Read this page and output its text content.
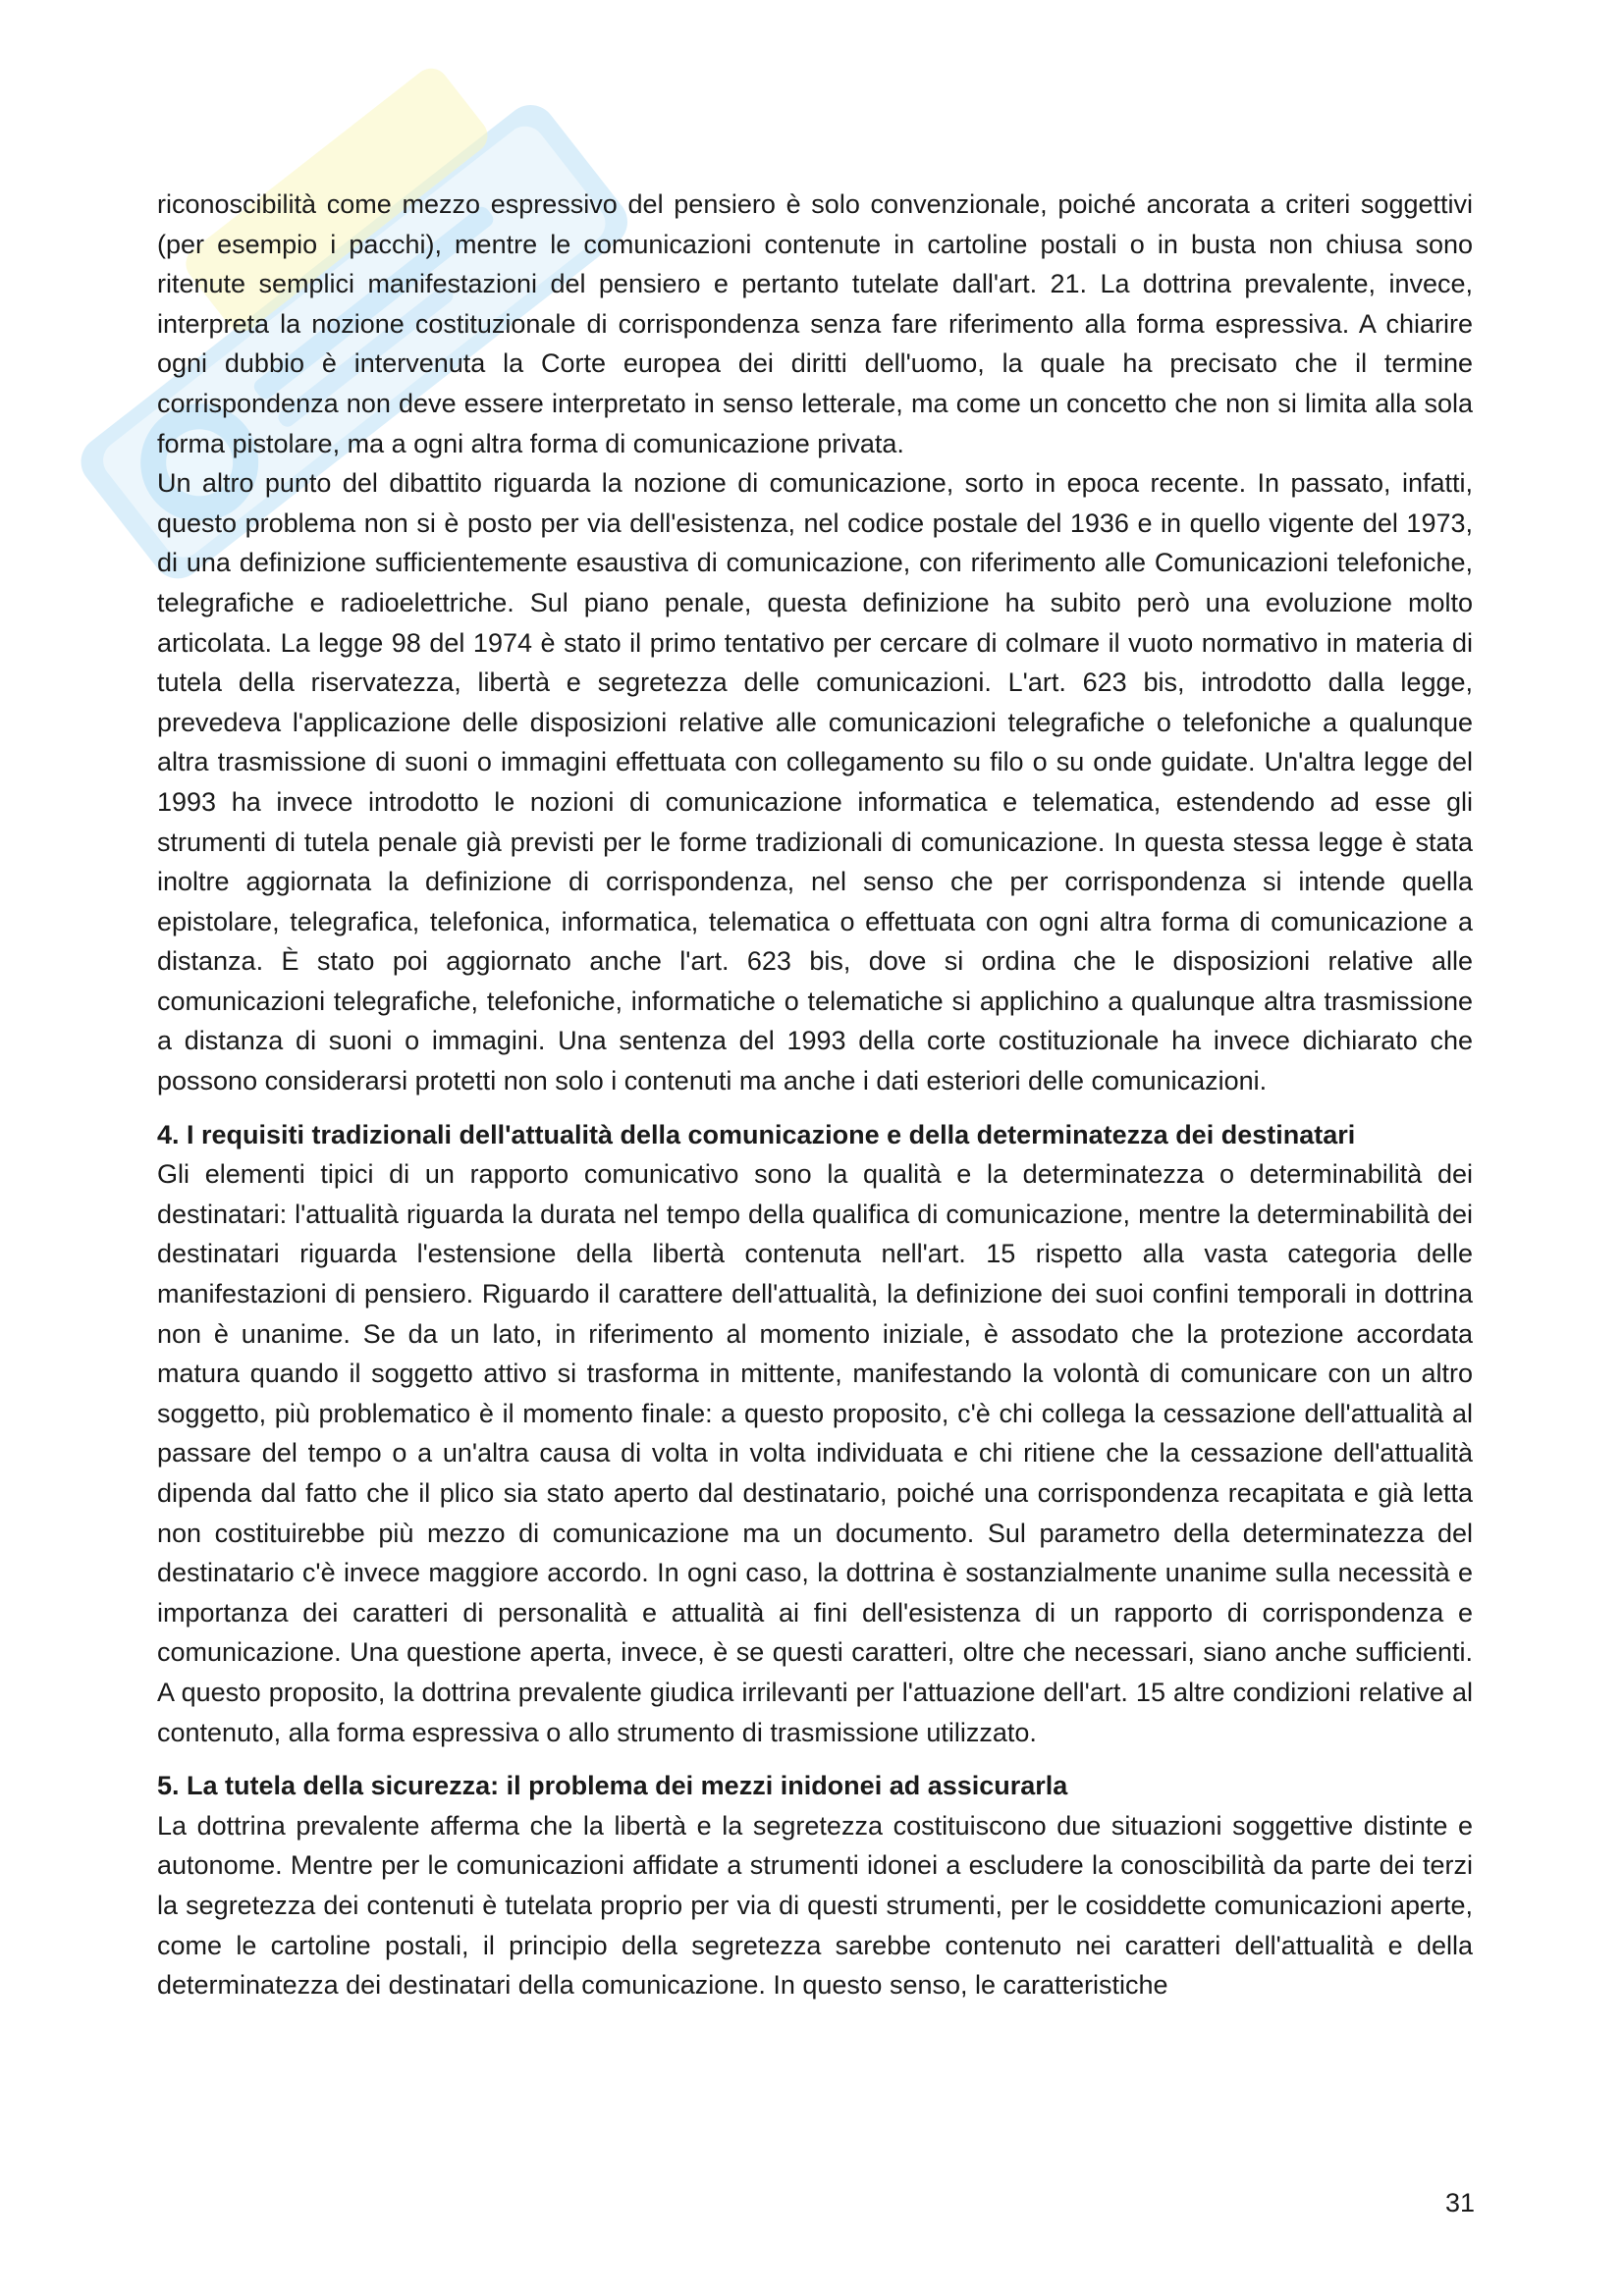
riconoscibilità come mezzo espressivo del pensiero è solo convenzionale, poiché ancorata a criteri soggettivi (per esempio i pacchi), mentre le comunicazioni contenute in cartoline postali o in busta non chiusa sono ritenute semplici manifestazioni del pensiero e pertanto tutelate dall'art. 21. La dottrina prevalente, invece, interpreta la nozione costituzionale di corrispondenza senza fare riferimento alla forma espressiva. A chiarire ogni dubbio è intervenuta la Corte europea dei diritti dell'uomo, la quale ha precisato che il termine corrispondenza non deve essere interpretato in senso letterale, ma come un concetto che non si limita alla sola forma pistolare, ma a ogni altra forma di comunicazione privata.

Un altro punto del dibattito riguarda la nozione di comunicazione, sorto in epoca recente. In passato, infatti, questo problema non si è posto per via dell'esistenza, nel codice postale del 1936 e in quello vigente del 1973, di una definizione sufficientemente esaustiva di comunicazione, con riferimento alle Comunicazioni telefoniche, telegrafiche e radioelettriche. Sul piano penale, questa definizione ha subito però una evoluzione molto articolata. La legge 98 del 1974 è stato il primo tentativo per cercare di colmare il vuoto normativo in materia di tutela della riservatezza, libertà e segretezza delle comunicazioni. L'art. 623 bis, introdotto dalla legge, prevedeva l'applicazione delle disposizioni relative alle comunicazioni telegrafiche o telefoniche a qualunque altra trasmissione di suoni o immagini effettuata con collegamento su filo o su onde guidate. Un'altra legge del 1993 ha invece introdotto le nozioni di comunicazione informatica e telematica, estendendo ad esse gli strumenti di tutela penale già previsti per le forme tradizionali di comunicazione. In questa stessa legge è stata inoltre aggiornata la definizione di corrispondenza, nel senso che per corrispondenza si intende quella epistolare, telegrafica, telefonica, informatica, telematica o effettuata con ogni altra forma di comunicazione a distanza. È stato poi aggiornato anche l'art. 623 bis, dove si ordina che le disposizioni relative alle comunicazioni telegrafiche, telefoniche, informatiche o telematiche si applichino a qualunque altra trasmissione a distanza di suoni o immagini. Una sentenza del 1993 della corte costituzionale ha invece dichiarato che possono considerarsi protetti non solo i contenuti ma anche i dati esteriori delle comunicazioni.

4. I requisiti tradizionali dell'attualità della comunicazione e della determinatezza dei destinatari

Gli elementi tipici di un rapporto comunicativo sono la qualità e la determinatezza o determinabilità dei destinatari: l'attualità riguarda la durata nel tempo della qualifica di comunicazione, mentre la determinabilità dei destinatari riguarda l'estensione della libertà contenuta nell'art. 15 rispetto alla vasta categoria delle manifestazioni di pensiero. Riguardo il carattere dell'attualità, la definizione dei suoi confini temporali in dottrina non è unanime. Se da un lato, in riferimento al momento iniziale, è assodato che la protezione accordata matura quando il soggetto attivo si trasforma in mittente, manifestando la volontà di comunicare con un altro soggetto, più problematico è il momento finale: a questo proposito, c'è chi collega la cessazione dell'attualità al passare del tempo o a un'altra causa di volta in volta individuata e chi ritiene che la cessazione dell'attualità dipenda dal fatto che il plico sia stato aperto dal destinatario, poiché una corrispondenza recapitata e già letta non costituirebbe più mezzo di comunicazione ma un documento. Sul parametro della determinatezza del destinatario c'è invece maggiore accordo. In ogni caso, la dottrina è sostanzialmente unanime sulla necessità e importanza dei caratteri di personalità e attualità ai fini dell'esistenza di un rapporto di corrispondenza e comunicazione. Una questione aperta, invece, è se questi caratteri, oltre che necessari, siano anche sufficienti. A questo proposito, la dottrina prevalente giudica irrilevanti per l'attuazione dell'art. 15 altre condizioni relative al contenuto, alla forma espressiva o allo strumento di trasmissione utilizzato.

5. La tutela della sicurezza: il problema dei mezzi inidonei ad assicurarla

La dottrina prevalente afferma che la libertà e la segretezza costituiscono due situazioni soggettive distinte e autonome. Mentre per le comunicazioni affidate a strumenti idonei a escludere la conoscibilità da parte dei terzi la segretezza dei contenuti è tutelata proprio per via di questi strumenti, per le cosiddette comunicazioni aperte, come le cartoline postali, il principio della segretezza sarebbe contenuto nei caratteri dell'attualità e della determinatezza dei destinatari della comunicazione. In questo senso, le caratteristiche

31
